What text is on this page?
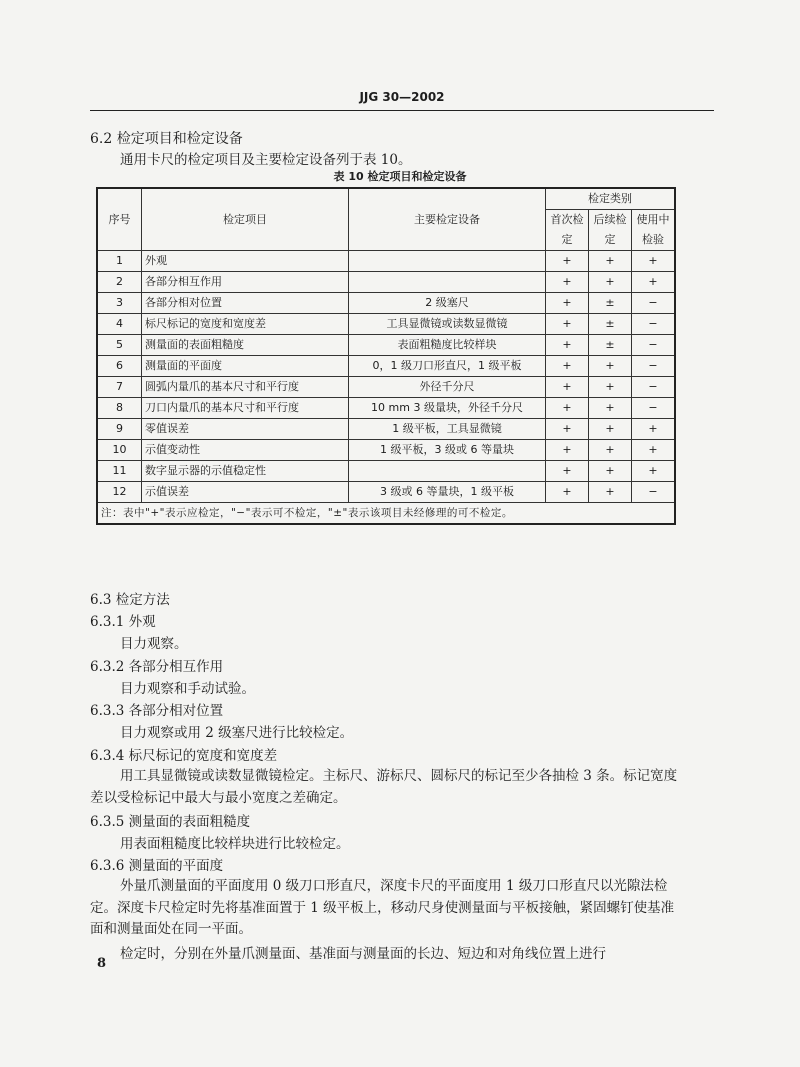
JJG 30—2002
6.2 检定项目和检定设备
通用卡尺的检定项目及主要检定设备列于表 10。
表 10 检定项目和检定设备
序号	检定项目	主要检定设备	检定类别		
			首次检定	后续检定	使用中检验
1	外观		+	+	+
2	各部分相互作用		+	+	+
3	各部分相对位置	2 级塞尺	+	±	−
4	标尺标记的宽度和宽度差	工具显微镜或读数显微镜	+	±	−
5	测量面的表面粗糙度	表面粗糙度比较样块	+	±	−
6	测量面的平面度	0，1 级刀口形直尺，1 级平板	+	+	−
7	圆弧内量爪的基本尺寸和平行度	外径千分尺	+	+	−
8	刀口内量爪的基本尺寸和平行度	10 mm 3 级量块，外径千分尺	+	+	−
9	零值误差	1 级平板，工具显微镜	+	+	+
10	示值变动性	1 级平板，3 级或 6 等量块	+	+	+
11	数字显示器的示值稳定性		+	+	+
12	示值误差	3 级或 6 等量块，1 级平板	+	+	−
注：表中"+"表示应检定，"−"表示可不检定，"±"表示该项目未经修理的可不检定。					
6.3 检定方法
6.3.1 外观
目力观察。
6.3.2 各部分相互作用
目力观察和手动试验。
6.3.3 各部分相对位置
目力观察或用 2 级塞尺进行比较检定。
6.3.4 标尺标记的宽度和宽度差
用工具显微镜或读数显微镜检定。主标尺、游标尺、圆标尺的标记至少各抽检 3 条。标记宽度差以受检标记中最大与最小宽度之差确定。
6.3.5 测量面的表面粗糙度
用表面粗糙度比较样块进行比较检定。
6.3.6 测量面的平面度
外量爪测量面的平面度用 0 级刀口形直尺，深度卡尺的平面度用 1 级刀口形直尺以光隙法检定。深度卡尺检定时先将基准面置于 1 级平板上，移动尺身使测量面与平板接触，紧固螺钉使基准面和测量面处在同一平面。
检定时，分别在外量爪测量面、基准面与测量面的长边、短边和对角线位置上进行
8
